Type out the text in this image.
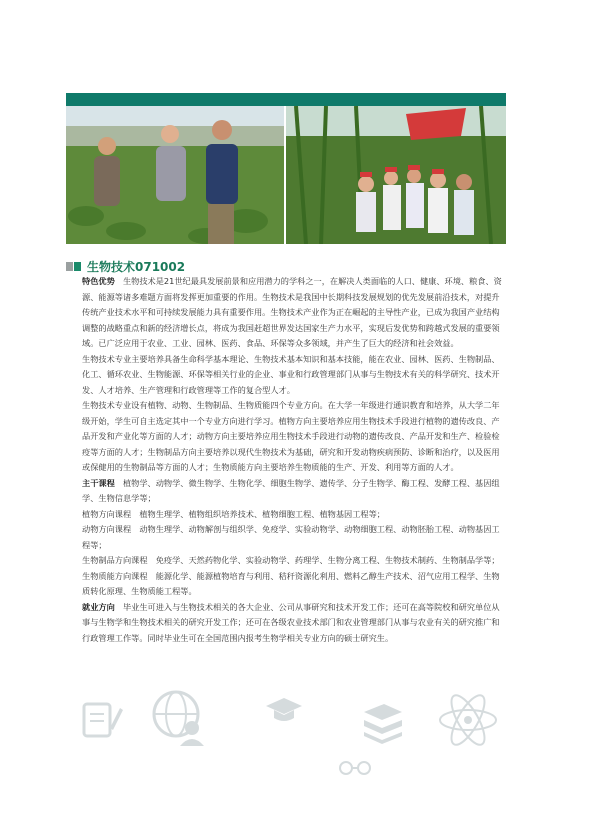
生物技术071002

特色优势　 生物技术是21世纪最具发展前景和应用潜力的学科之一，在解决人类面临的人口、健康、环境、粮食、资源、能源等诸多难题方面将发挥更加重要的作用。生物技术是我国中长期科技发展规划的优先发展前沿技术，对提升传统产业技术水平和可持续发展能力具有重要作用。生物技术产业作为正在崛起的主导性产业，已成为我国产业结构调整的战略重点和新的经济增长点，将成为我国赶超世界发达国家生产力水平，实现后发优势和跨越式发展的重要领域。已广泛应用于农业、工业、园林、医药、食品、环保等众多领域，并产生了巨大的经济和社会效益。

生物技术专业主要培养具备生命科学基本理论、生物技术基本知识和基本技能，能在农业、园林、医药、生物制品、化工、循环农业、生物能源、环保等相关行业的企业、事业和行政管理部门从事与生物技术有关的科学研究、技术开发、人才培养、生产管理和行政管理等工作的复合型人才。

生物技术专业设有植物、动物、生物制品、生物质能四个专业方向。在大学一年级进行通识教育和培养，从大学二年级开始，学生可自主选定其中一个专业方向进行学习。植物方向主要培养应用生物技术手段进行植物的遗传改良、产品开发和产业化等方面的人才；动物方向主要培养应用生物技术手段进行动物的遗传改良、产品开发和生产、检验检疫等方面的人才；生物制品方向主要培养以现代生物技术为基础，研究和开发动物疾病预防、诊断和治疗，以及医用或保健用的生物制品等方面的人才；生物质能方向主要培养生物质能的生产、开发、利用等方面的人才。

主干课程　 植物学、动物学、微生物学、生物化学、细胞生物学、遗传学、分子生物学、酶工程、发酵工程、基因组学、生物信息学等；

植物方向课程　植物生理学、植物组织培养技术、植物细胞工程、植物基因工程等；

动物方向课程　动物生理学、动物解剖与组织学、免疫学、实验动物学、动物细胞工程、动物胚胎工程、动物基因工程等；

生物制品方向课程　免疫学、天然药物化学、实验动物学、药理学、生物分离工程、生物技术制药、生物制品学等；

生物质能方向课程　能源化学、能源植物培育与利用、秸秆资源化利用、燃料乙醇生产技术、沼气应用工程学、生物质转化原理、生物质能工程等。

就业方向　 毕业生可进入与生物技术相关的各大企业、公司从事研究和技术开发工作；还可在高等院校和研究单位从事与生物学和生物技术相关的研究开发工作；还可在各级农业技术部门和农业管理部门从事与农业有关的研究推广和行政管理工作等。同时毕业生可在全国范围内报考生物学相关专业方向的硕士研究生。
